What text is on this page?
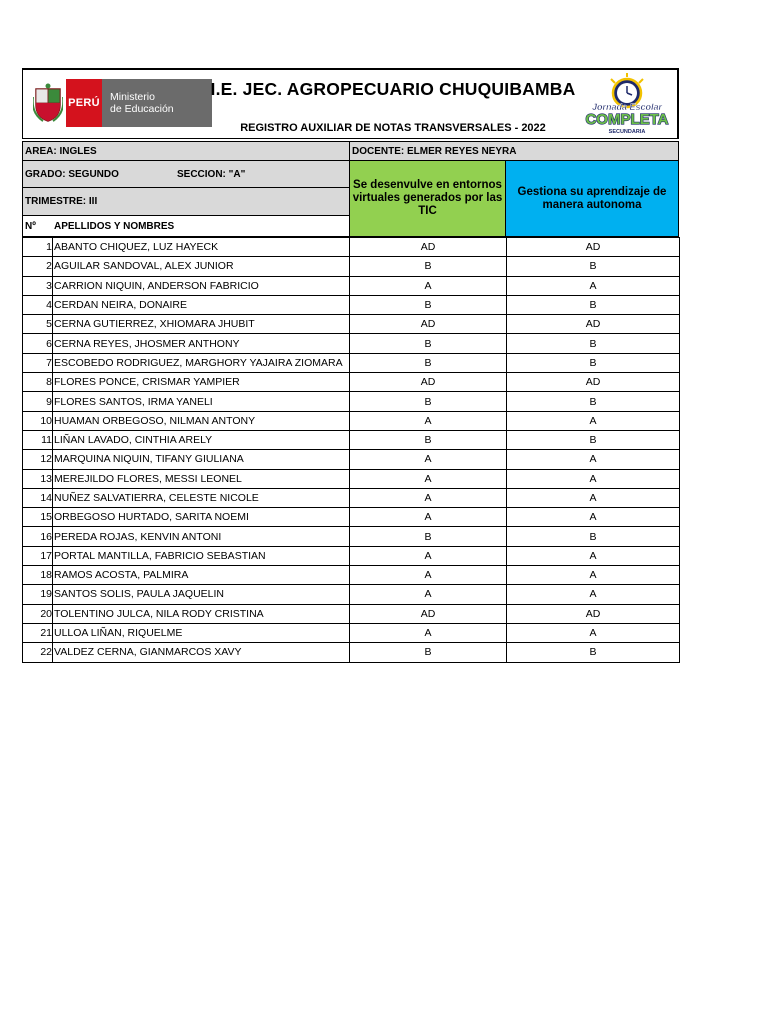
PERÚ Ministerio
de Educación
I.E. JEC. AGROPECUARIO CHUQUIBAMBA
REGISTRO AUXILIAR DE NOTAS TRANSVERSALES - 2022
Jornada Escolar
COMPLETA
SECUNDARIA
AREA: INGLES	DOCENTE: ELMER REYES NEYRA
GRADO: SEGUNDO	SECCION: "A"
TRIMESTRE: III
Nº	APELLIDOS Y NOMBRES
Se desenvulve en entornos virtuales generados por las TIC
Gestiona su aprendizaje de manera autonoma
1	ABANTO CHIQUEZ, LUZ HAYECK	AD	AD
2	AGUILAR SANDOVAL, ALEX JUNIOR	B	B
3	CARRION NIQUIN, ANDERSON FABRICIO	A	A
4	CERDAN NEIRA, DONAIRE	B	B
5	CERNA GUTIERREZ, XHIOMARA JHUBIT	AD	AD
6	CERNA REYES, JHOSMER ANTHONY	B	B
7	ESCOBEDO RODRIGUEZ, MARGHORY YAJAIRA ZIOMARA	B	B
8	FLORES PONCE, CRISMAR YAMPIER	AD	AD
9	FLORES SANTOS, IRMA YANELI	B	B
10	HUAMAN ORBEGOSO, NILMAN ANTONY	A	A
11	LIÑAN LAVADO, CINTHIA ARELY	B	B
12	MARQUINA NIQUIN, TIFANY GIULIANA	A	A
13	MEREJILDO FLORES, MESSI LEONEL	A	A
14	NUÑEZ SALVATIERRA, CELESTE NICOLE	A	A
15	ORBEGOSO HURTADO, SARITA NOEMI	A	A
16	PEREDA ROJAS, KENVIN ANTONI	B	B
17	PORTAL MANTILLA, FABRICIO SEBASTIAN	A	A
18	RAMOS ACOSTA, PALMIRA	A	A
19	SANTOS SOLIS, PAULA JAQUELIN	A	A
20	TOLENTINO JULCA, NILA RODY CRISTINA	AD	AD
21	ULLOA LIÑAN, RIQUELME	A	A
22	VALDEZ CERNA, GIANMARCOS XAVY	B	B
